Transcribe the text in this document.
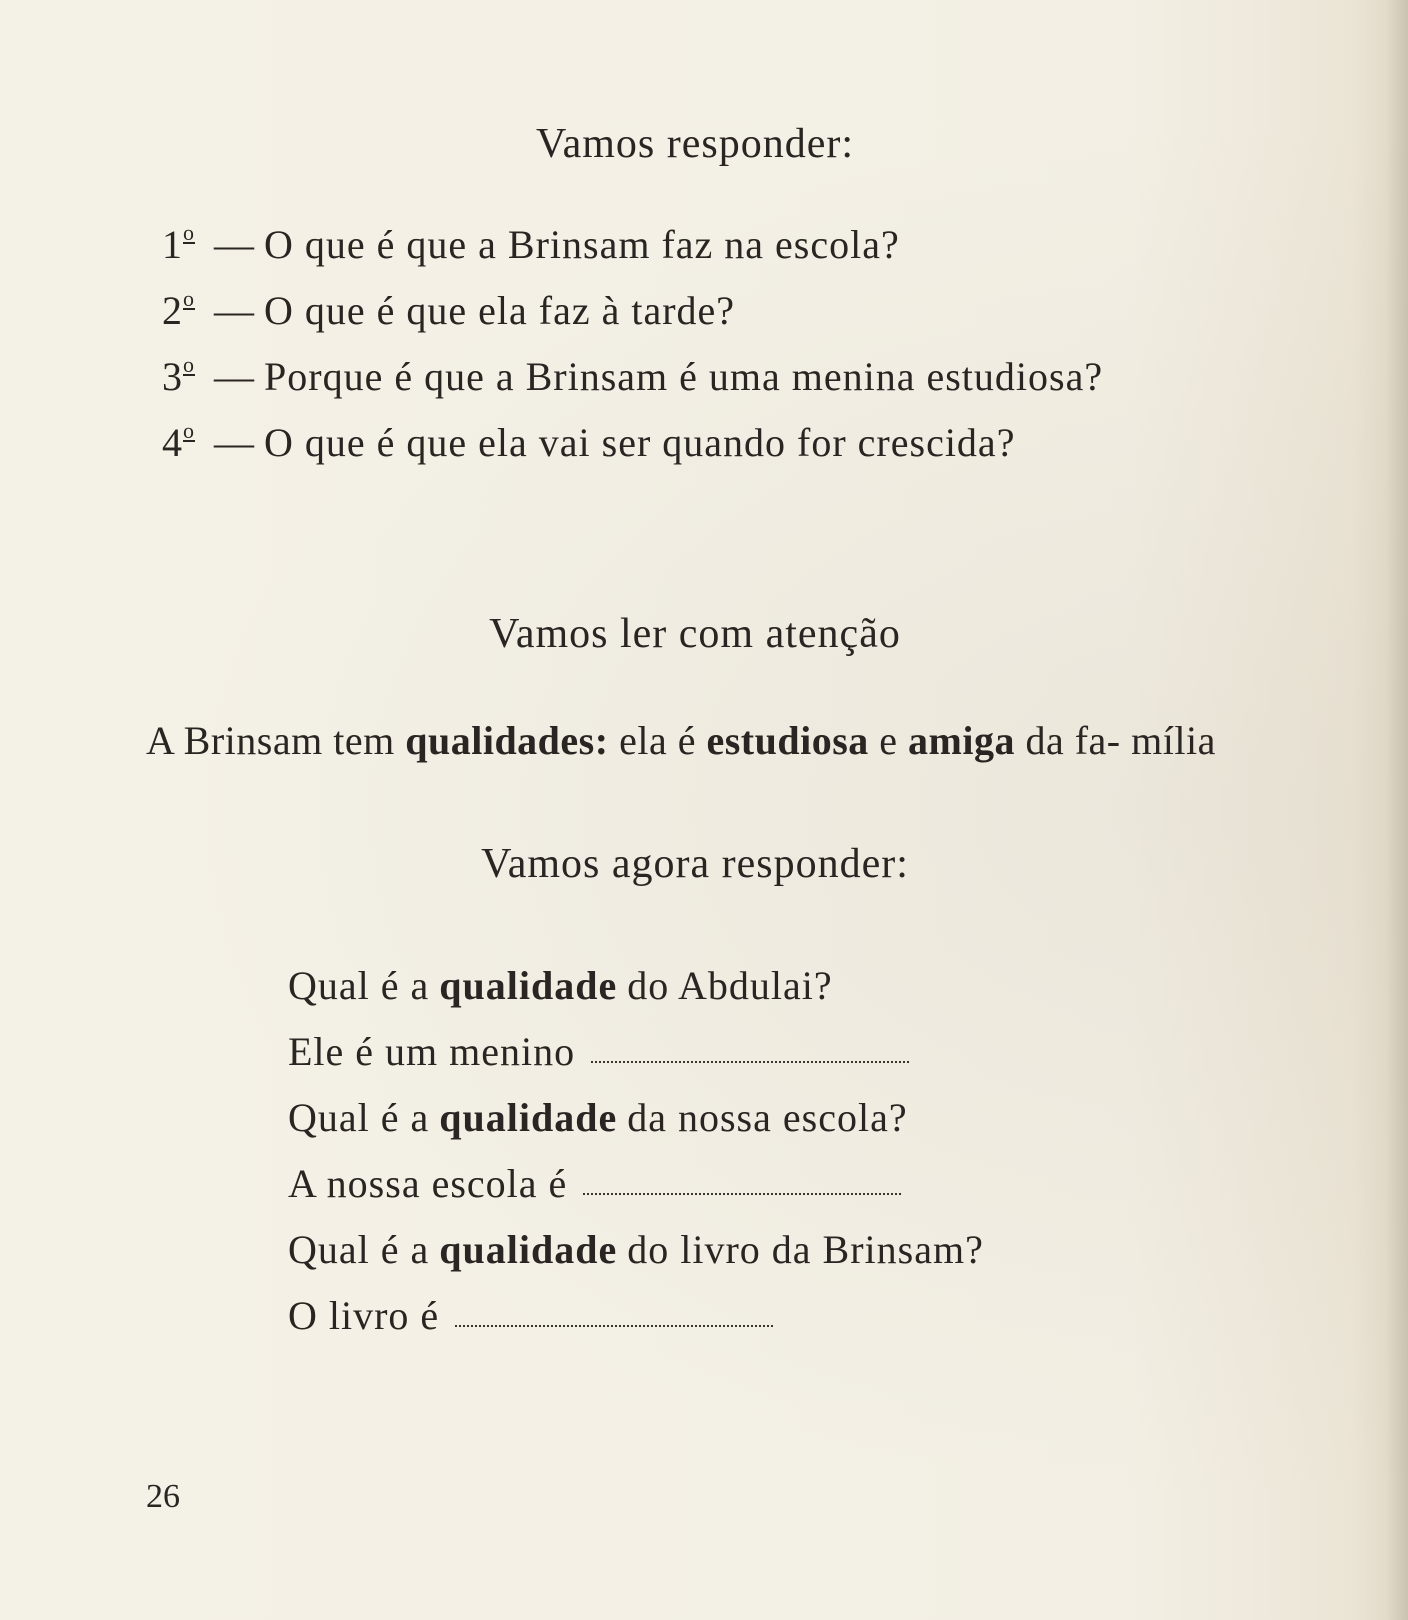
Vamos responder:
1$^o$ — O que é que a Brinsam faz na escola?
2$^o$ — O que é que ela faz à tarde?
3$^o$ — Porque é que a Brinsam é uma menina estudiosa?
4$^o$ — O que é que ela vai ser quando for crescida?
Vamos ler com atenção

A Brinsam tem qualidades: ela é estudiosa e amiga da fa- mília

Vamos agora responder:
Qual é a qualidade do Abdulai?
Ele é um menino
Qual é a qualidade da nossa escola?
A nossa escola é
Qual é a qualidade do livro da Brinsam?
O livro é

26
